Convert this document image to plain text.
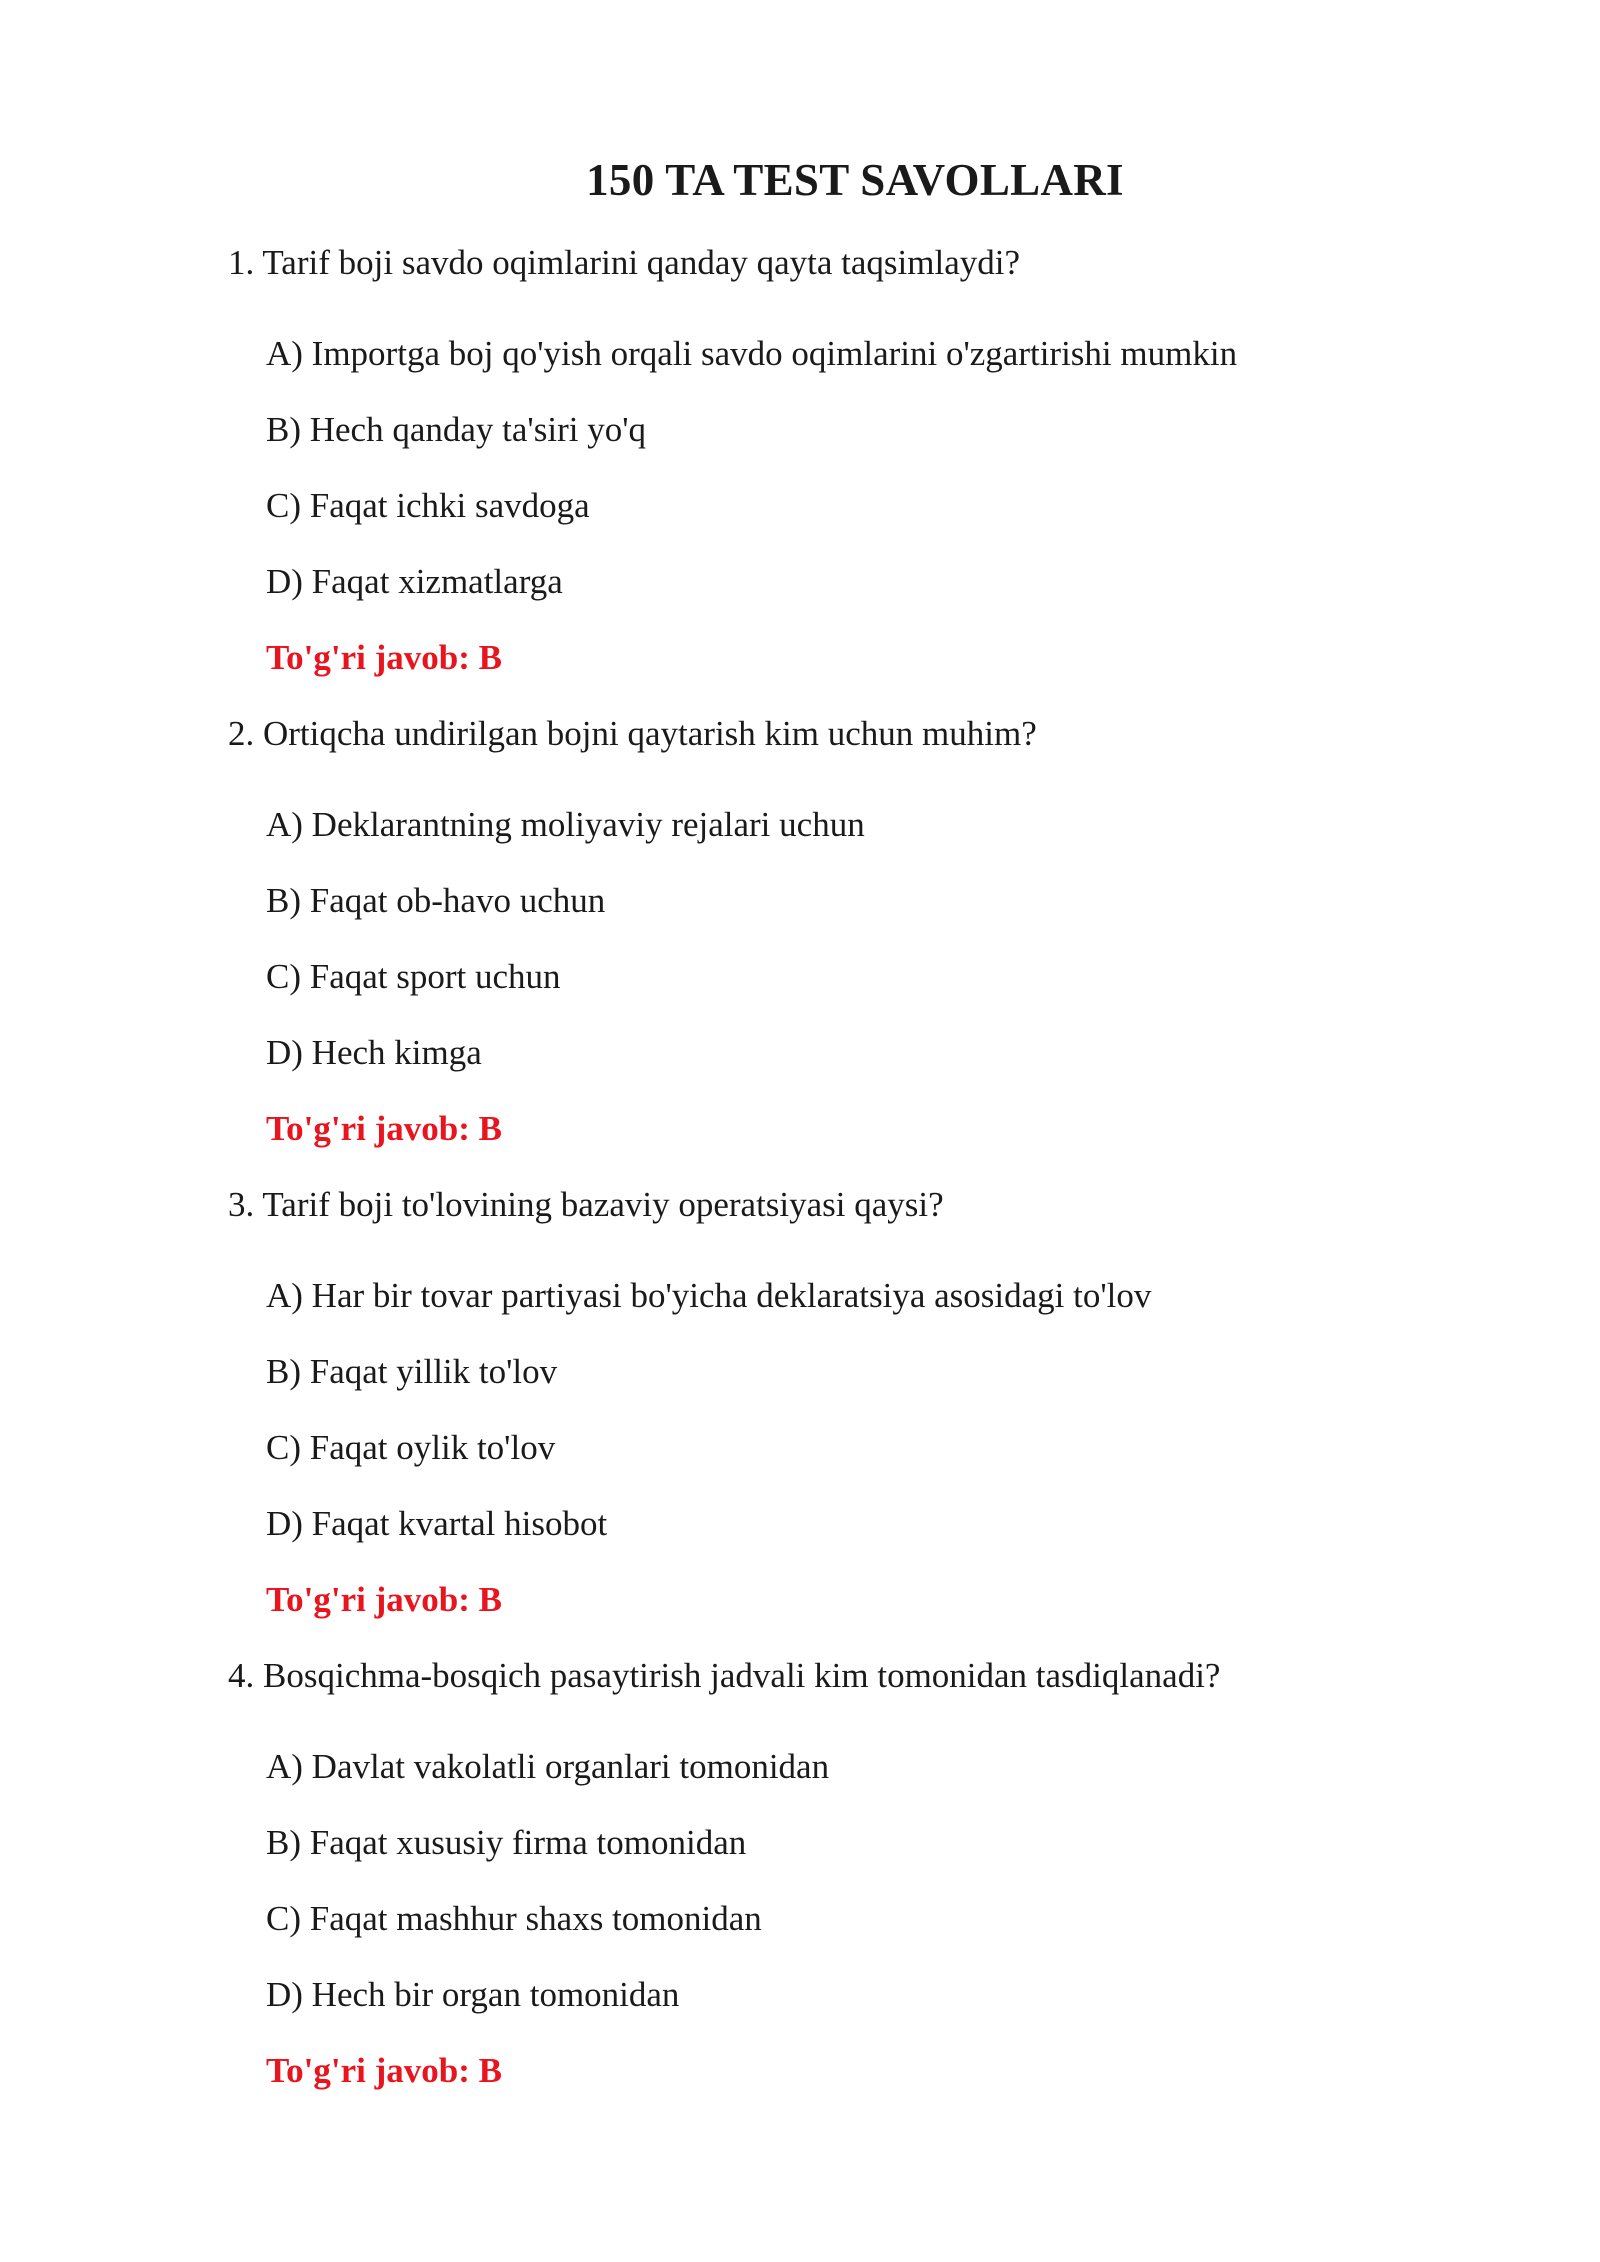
150 TA TEST SAVOLLARI
1. Tarif boji savdo oqimlarini qanday qayta taqsimlaydi?
A) Importga boj qo'yish orqali savdo oqimlarini o'zgartirishi mumkin
B) Hech qanday ta'siri yo'q
C) Faqat ichki savdoga
D) Faqat xizmatlarga
To'g'ri javob: B
2. Ortiqcha undirilgan bojni qaytarish kim uchun muhim?
A) Deklarantning moliyaviy rejalari uchun
B) Faqat ob-havo uchun
C) Faqat sport uchun
D) Hech kimga
To'g'ri javob: B
3. Tarif boji to'lovining bazaviy operatsiyasi qaysi?
A) Har bir tovar partiyasi bo'yicha deklaratsiya asosidagi to'lov
B) Faqat yillik to'lov
C) Faqat oylik to'lov
D) Faqat kvartal hisobot
To'g'ri javob: B
4. Bosqichma-bosqich pasaytirish jadvali kim tomonidan tasdiqlanadi?
A) Davlat vakolatli organlari tomonidan
B) Faqat xususiy firma tomonidan
C) Faqat mashhur shaxs tomonidan
D) Hech bir organ tomonidan
To'g'ri javob: B
